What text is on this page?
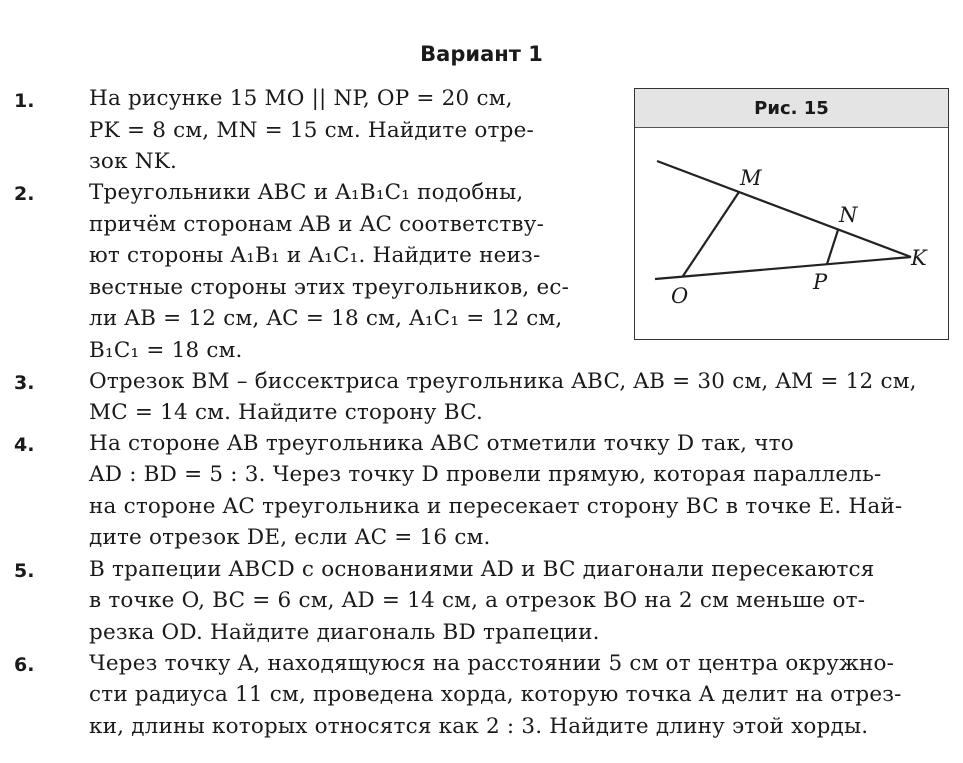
Вариант 1
Рис. 15
M
N
K
O
P
1.	На рисунке 15 MO || NP, OP = 20 см,
PK = 8 см, MN = 15 см. Найдите отре-
зок NK.
2.	Треугольники ABC и A₁B₁C₁ подобны,
причём сторонам AB и AC соответству-
ют стороны A₁B₁ и A₁C₁. Найдите неиз-
вестные стороны этих треугольников, ес-
ли AB = 12 см, AC = 18 см, A₁C₁ = 12 см,
B₁C₁ = 18 см.
3.	Отрезок BM – биссектриса треугольника ABC, AB = 30 см, AM = 12 см,
MC = 14 см. Найдите сторону BC.
4.	На стороне AB треугольника ABC отметили точку D так, что
AD : BD = 5 : 3. Через точку D провели прямую, которая параллель-
на стороне AC треугольника и пересекает сторону BC в точке E. Най-
дите отрезок DE, если AC = 16 см.
5.	В трапеции ABCD с основаниями AD и BC диагонали пересекаются
в точке O, BC = 6 см, AD = 14 см, а отрезок BO на 2 см меньше от-
резка OD. Найдите диагональ BD трапеции.
6.	Через точку A, находящуюся на расстоянии 5 см от центра окружно-
сти радиуса 11 см, проведена хорда, которую точка A делит на отрез-
ки, длины которых относятся как 2 : 3. Найдите длину этой хорды.
